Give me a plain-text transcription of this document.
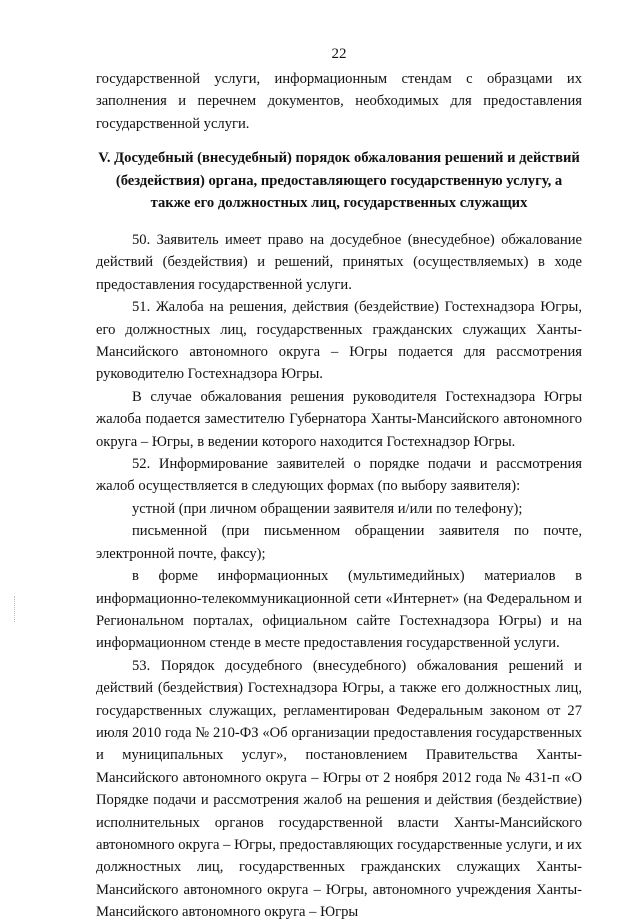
22

государственной услуги, информационным стендам с образцами их заполнения и перечнем документов, необходимых для предоставления государственной услуги.

V. Досудебный (внесудебный) порядок обжалования решений и действий (бездействия) органа, предоставляющего государственную услугу, а также его должностных лиц, государственных служащих

50. Заявитель имеет право на досудебное (внесудебное) обжалование действий (бездействия) и решений, принятых (осуществляемых) в ходе предоставления государственной услуги.

51. Жалоба на решения, действия (бездействие) Гостехнадзора Югры, его должностных лиц, государственных гражданских служащих Ханты-Мансийского автономного округа – Югры подается для рассмотрения руководителю Гостехнадзора Югры.

В случае обжалования решения руководителя Гостехнадзора Югры жалоба подается заместителю Губернатора Ханты-Мансийского автономного округа – Югры, в ведении которого находится Гостехнадзор Югры.

52. Информирование заявителей о порядке подачи и рассмотрения жалоб осуществляется в следующих формах (по выбору заявителя):

устной (при личном обращении заявителя и/или по телефону);

письменной (при письменном обращении заявителя по почте, электронной почте, факсу);

в форме информационных (мультимедийных) материалов в информационно-телекоммуникационной сети «Интернет» (на Федеральном и Региональном порталах, официальном сайте Гостехнадзора Югры) и на информационном стенде в месте предоставления государственной услуги.

53. Порядок досудебного (внесудебного) обжалования решений и действий (бездействия) Гостехнадзора Югры, а также его должностных лиц, государственных служащих, регламентирован Федеральным законом от 27 июля 2010 года № 210-ФЗ «Об организации предоставления государственных и муниципальных услуг», постановлением Правительства Ханты-Мансийского автономного округа – Югры от 2 ноября 2012 года № 431-п «О Порядке подачи и рассмотрения жалоб на решения и действия (бездействие) исполнительных органов государственной власти Ханты-Мансийского автономного округа – Югры, предоставляющих государственные услуги, и их должностных лиц, государственных гражданских служащих Ханты-Мансийского автономного округа – Югры, автономного учреждения Ханты-Мансийского автономного округа – Югры
